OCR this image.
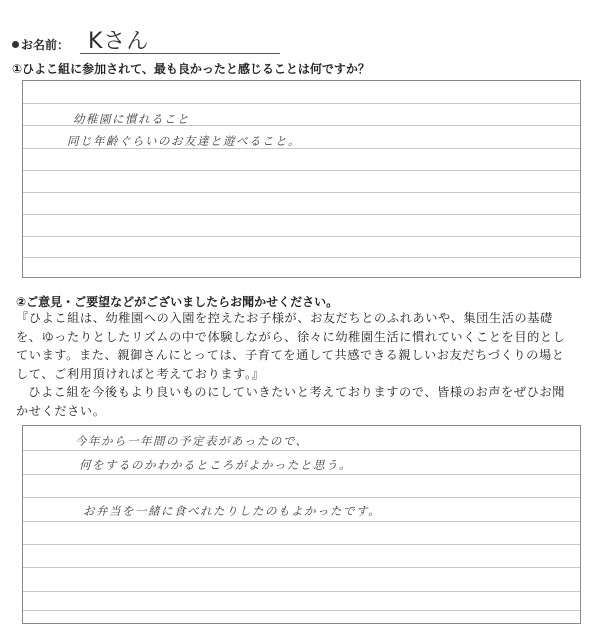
お名前： Kさん
①ひよこ組に参加されて、最も良かったと感じることは何ですか？
幼稚園に慣れること
同じ年齢ぐらいのお友達と遊べること。
②ご意見・ご要望などがございましたらお聞かせください。

『ひよこ組は、幼稚園への入園を控えたお子様が、お友だちとのふれあいや、集団生活の基礎を、ゆったりとしたリズムの中で体験しながら、徐々に幼稚園生活に慣れていくことを目的としています。また、親御さんにとっては、子育てを通して共感できる親しいお友だちづくりの場として、ご利用頂ければと考えております。』

ひよこ組を今後もより良いものにしていきたいと考えておりますので、皆様のお声をぜひお聞かせください。

今年から一年間の予定表があったので、
何をするのかわかるところがよかったと思う。
お弁当を一緒に食べれたりしたのもよかったです。
